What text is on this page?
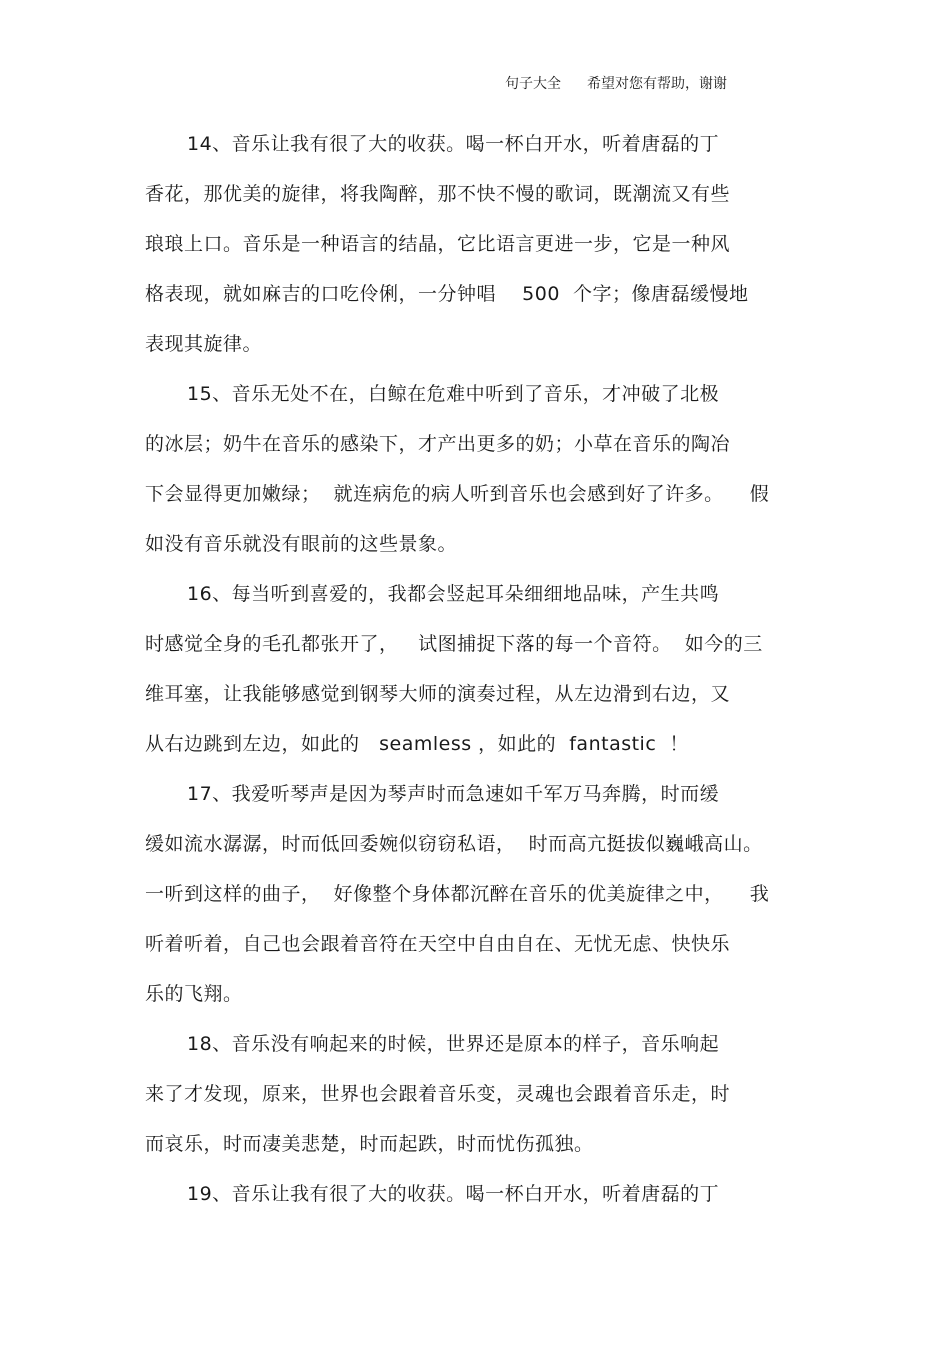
句子大全 希望对您有帮助，谢谢
14、音乐让我有很了大的收获。喝一杯白开水，听着唐磊的丁
香花，那优美的旋律，将我陶醉，那不快不慢的歌词，既潮流又有些
琅琅上口。音乐是一种语言的结晶，它比语言更进一步，它是一种风
格表现，就如麻吉的口吃伶俐，一分钟唱    500  个字；像唐磊缓慢地
表现其旋律。
15、音乐无处不在，白鲸在危难中听到了音乐，才冲破了北极
的冰层；奶牛在音乐的感染下，才产出更多的奶；小草在音乐的陶冶
下会显得更加嫩绿；  就连病危的病人听到音乐也会感到好了许多。    假
如没有音乐就没有眼前的这些景象。
16、每当听到喜爱的，我都会竖起耳朵细细地品味，产生共鸣
时感觉全身的毛孔都张开了，   试图捕捉下落的每一个音符。  如今的三
维耳塞，让我能够感觉到钢琴大师的演奏过程，从左边滑到右边，又
从右边跳到左边，如此的   seamless ，如此的  fantastic  ！
17、我爱听琴声是因为琴声时而急速如千军万马奔腾，时而缓
缓如流水潺潺，时而低回委婉似窃窃私语，  时而高亢挺拔似巍峨高山。
一听到这样的曲子，  好像整个身体都沉醉在音乐的优美旋律之中，    我
听着听着，自己也会跟着音符在天空中自由自在、无忧无虑、快快乐
乐的飞翔。
18、音乐没有响起来的时候，世界还是原本的样子，音乐响起
来了才发现，原来，世界也会跟着音乐变，灵魂也会跟着音乐走，时
而哀乐，时而凄美悲楚，时而起跌，时而忧伤孤独。
19、音乐让我有很了大的收获。喝一杯白开水，听着唐磊的丁
